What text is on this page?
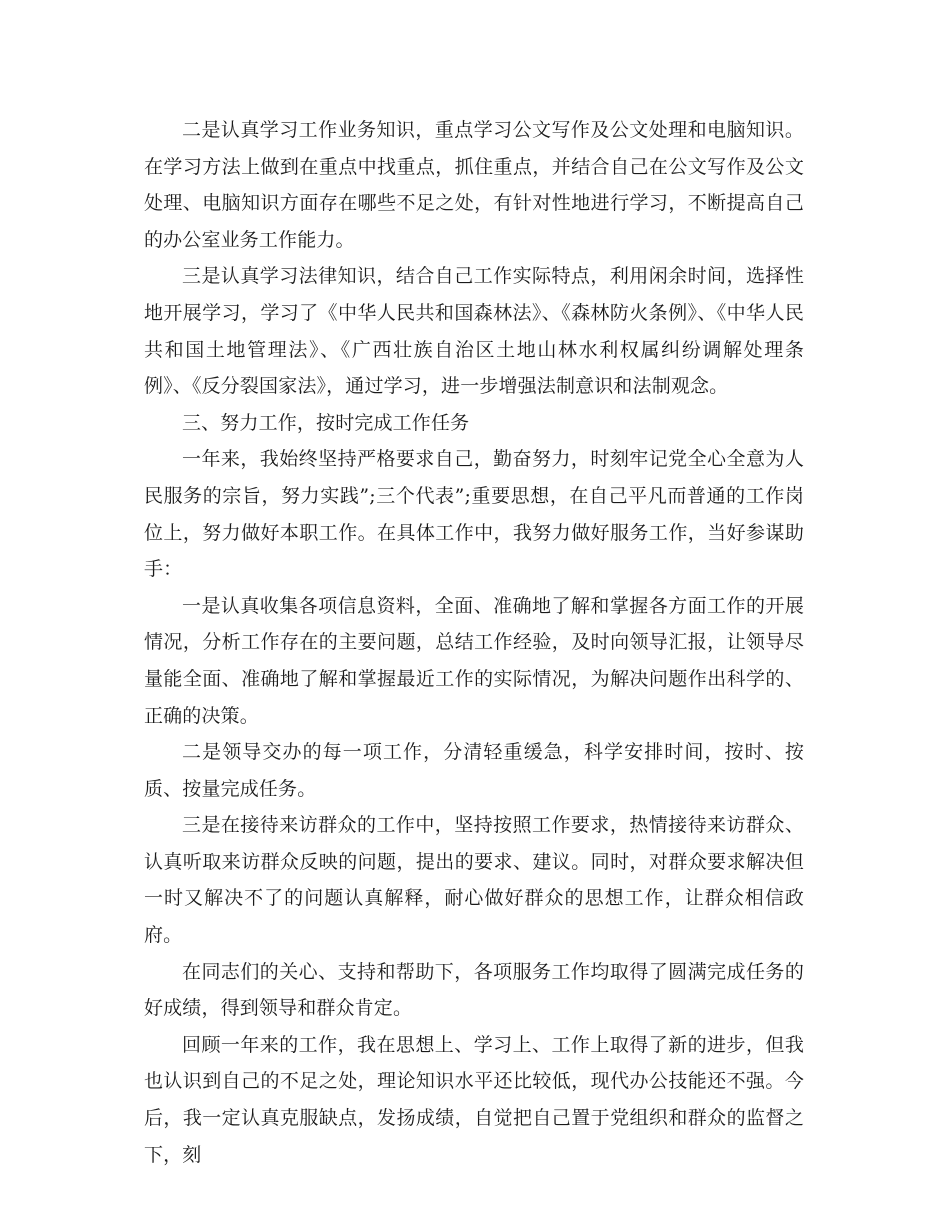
二是认真学习工作业务知识，重点学习公文写作及公文处理和电脑知识。在学习方法上做到在重点中找重点，抓住重点，并结合自己在公文写作及公文处理、电脑知识方面存在哪些不足之处，有针对性地进行学习，不断提高自己的办公室业务工作能力。

三是认真学习法律知识，结合自己工作实际特点，利用闲余时间，选择性地开展学习，学习了《中华人民共和国森林法》、《森林防火条例》、《中华人民共和国土地管理法》、《广西壮族自治区土地山林水利权属纠纷调解处理条例》、《反分裂国家法》，通过学习，进一步增强法制意识和法制观念。

三、努力工作，按时完成工作任务

一年来，我始终坚持严格要求自己，勤奋努力，时刻牢记党全心全意为人民服务的宗旨，努力实践”;三个代表”;重要思想，在自己平凡而普通的工作岗位上，努力做好本职工作。在具体工作中，我努力做好服务工作，当好参谋助手：

一是认真收集各项信息资料，全面、准确地了解和掌握各方面工作的开展情况，分析工作存在的主要问题，总结工作经验，及时向领导汇报，让领导尽量能全面、准确地了解和掌握最近工作的实际情况，为解决问题作出科学的、正确的决策。

二是领导交办的每一项工作，分清轻重缓急，科学安排时间，按时、按质、按量完成任务。

三是在接待来访群众的工作中，坚持按照工作要求，热情接待来访群众、认真听取来访群众反映的问题，提出的要求、建议。同时，对群众要求解决但一时又解决不了的问题认真解释，耐心做好群众的思想工作，让群众相信政府。

在同志们的关心、支持和帮助下，各项服务工作均取得了圆满完成任务的好成绩，得到领导和群众肯定。

回顾一年来的工作，我在思想上、学习上、工作上取得了新的进步，但我也认识到自己的不足之处，理论知识水平还比较低，现代办公技能还不强。今后，我一定认真克服缺点，发扬成绩，自觉把自己置于党组织和群众的监督之下，刻
